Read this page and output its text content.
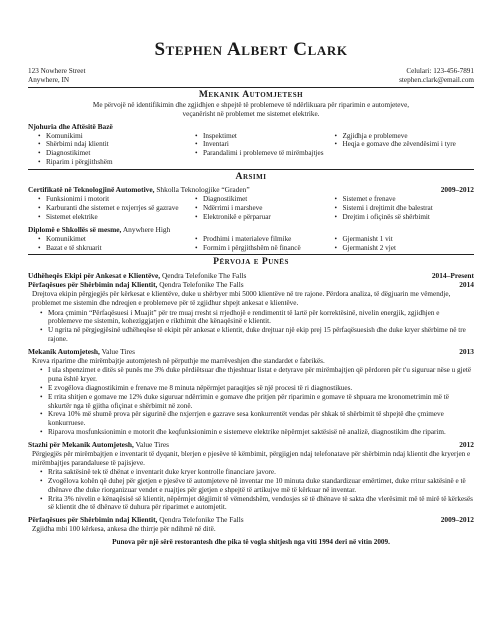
Stephen Albert Clark
123 Nowhere Street
Anywhere, IN
Celulari: 123-456-7891
stephen.clark@email.com
Mekanik Automjetesh
Me përvojë në identifikimin dhe zgjidhjen e shpejtë të problemeve të ndërlikuara për riparimin e automjeteve,
veçanërisht në problemet me sistemet elektrike.
Njohuria dhe Aftësitë Bazë
• Komunikimi
• Shërbimi ndaj klientit
• Diagnostikimet
• Riparim i përgjithshëm
• Inspektimet
• Inventari
• Parandalimi i problemeve të mirëmbajtjes
• Zgjidhja e problemeve
• Heqja e gomave dhe zëvendësimi i tyre
Arsimi
Certifikatë në Teknologjinë Automotive, Shkolla Teknologjike “Graden”	2009–2012
• Funksionimi i motorit
• Karburanti dhe sistemet e nxjerrjes së gazrave
• Sistemet elektrike
• Diagnostikimet
• Ndërrimi i marsheve
• Elektronikë e përparuar
• Sistemet e frenave
• Sistemi i drejtimit dhe balestrat
• Drejtim i ofiçinës së shërbimit
Diplomë e Shkollës së mesme, Anywhere High
• Komunikimet
• Bazat e të shkruarit
• Prodhimi i materialeve filmike
• Formim i përgjithshëm në financë
• Gjermanisht 1 vit
• Gjermanisht 2 vjet
Përvoja e Punës
Udhëheqës Ekipi për Ankesat e Klientëve, Qendra Telefonike The Falls	2014–Present
Përfaqësues për Shërbimin ndaj Klientit, Qendra Telefonike The Falls	2014
Drejtova ekipin përgjegjës për kërkesat e klientëve, duke u shërbyer mbi 5000 klientëve në tre rajone. Përdora analiza, të dëgjuarin me vëmendje, problemet me sistemin dhe ndreqjen e problemeve për të zgjidhur shpejt ankesat e klientëve.
• Mora çmimin “Përfaqësuesi i Muajit” për tre muaj rresht si rrjedhojë e rendimentit të lartë për korrektësinë, nivelin energjik, zgjidhjen e problemeve me sistemin, koheziggjatjen e rikthimit dhe kënaqësinë e klientit.
• U ngrita në përgjegjësinë udhëheqëse të ekipit për ankesat e klientit, duke drejtuar një ekip prej 15 përfaqësuesish dhe duke kryer shërbime në tre rajone.
Mekanik Automjetesh, Value Tires	2013
Kreva riparime dhe mirëmbajtje automjetesh në përputhje me marrëveshjen dhe standardet e fabrikës.
• I ula shpenzimet e ditës së punës me 3% duke përdiëtsuar dhe thjeshtuar listat e detyrave për mirëmbajtjen që përdoren për t'u siguruar nëse u gjetë puna është kryer.
• E zvogëlova diagnostikimin e frenave me 8 minuta nëpërmjet paraqitjes së një procesi të ri diagnostikues.
• E rrita shitjen e gomave me 12% duke siguruar ndërrimin e gomave dhe pritjen për riparimin e gomave të shpuara me kronometrimin më të shkurtër nga të gjitha ofiçinat e shërbimit në zonë.
• Kreva 10% më shumë prova për sigurinë dhe nxjerrjen e gazrave sesa konkurrentët vendas për shkak të shërbimit të shpejtë dhe çmimeve konkurruese.
• Riparova mosfunksionimin e motorit dhe keqfunksionimin e sistemeve elektrike nëpërmjet saktësisë në analizë, diagnostikim dhe riparim.
Stazhi për Mekanik Automjetesh, Value Tires	2012
Përgjegjës për mirëmbajtjen e inventarit të dyqanit, blerjen e pjesëve të këmbimit, përgjigjen ndaj telefonatave për shërbimin ndaj klientit dhe kryerjen e mirëmbajtjes parandaluese të pajisjeve.
• Rrita saktësinë tek të dhënat e inventarit duke kryer kontrolle financiare javore.
• Zvogëlova kohën që duhej për gjetjen e pjesëve të automjeteve në inventar me 10 minuta duke standardizuar emërtimet, duke rritur saktësinë e të dhënave dhe duke riorganizuar vendet e ruajtjes për gjetjen e shpejtë të artikujve më të kërkuar në inventar.
• Rrita 3% nivelin e kënaqësisë së klientit, nëpërmjet dëgjimit të vëmendshëm, vendosjes së të dhënave të sakta dhe vlerësimit më të mirë të kërkesës së klientit dhe të dhënave të duhura për riparimet e automjetit.
Përfaqësues për Shërbimin ndaj Klientit, Qendra Telefonike The Falls	2009–2012
Zgjidha mbi 100 kërkesa, ankesa dhe thirrje për ndihmë në ditë.
Punova për një sërë restorantesh dhe pika të vogla shitjesh nga viti 1994 deri në vitin 2009.
